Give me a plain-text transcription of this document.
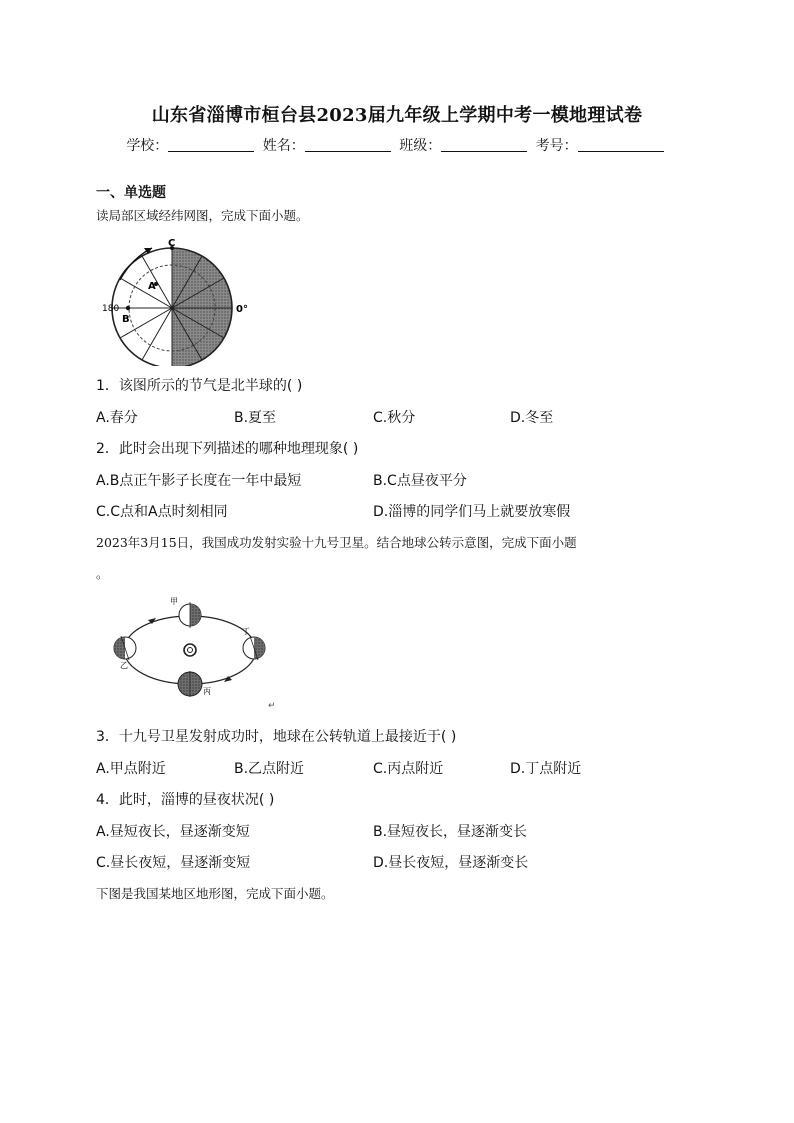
山东省淄博市桓台县2023届九年级上学期中考一模地理试卷
学校：	姓名：	班级：	考号：
一、单选题
读局部区域经纬网图，完成下面小题。
C
A
B
180	0°
1．该图所示的节气是北半球的( )
A.春分	B.夏至	C.秋分	D.冬至
2．此时会出现下列描述的哪种地理现象( )
A.B点正午影子长度在一年中最短	B.C点昼夜平分
C.C点和A点时刻相同	D.淄博的同学们马上就要放寒假
2023年3月15日，我国成功发射实验十九号卫星。结合地球公转示意图，完成下面小题
。
甲
乙
丙
丁
↵
3．十九号卫星发射成功时，地球在公转轨道上最接近于( )
A.甲点附近	B.乙点附近	C.丙点附近	D.丁点附近
4．此时，淄博的昼夜状况( )
A.昼短夜长，昼逐渐变短	B.昼短夜长，昼逐渐变长
C.昼长夜短，昼逐渐变短	D.昼长夜短，昼逐渐变长
下图是我国某地区地形图，完成下面小题。
